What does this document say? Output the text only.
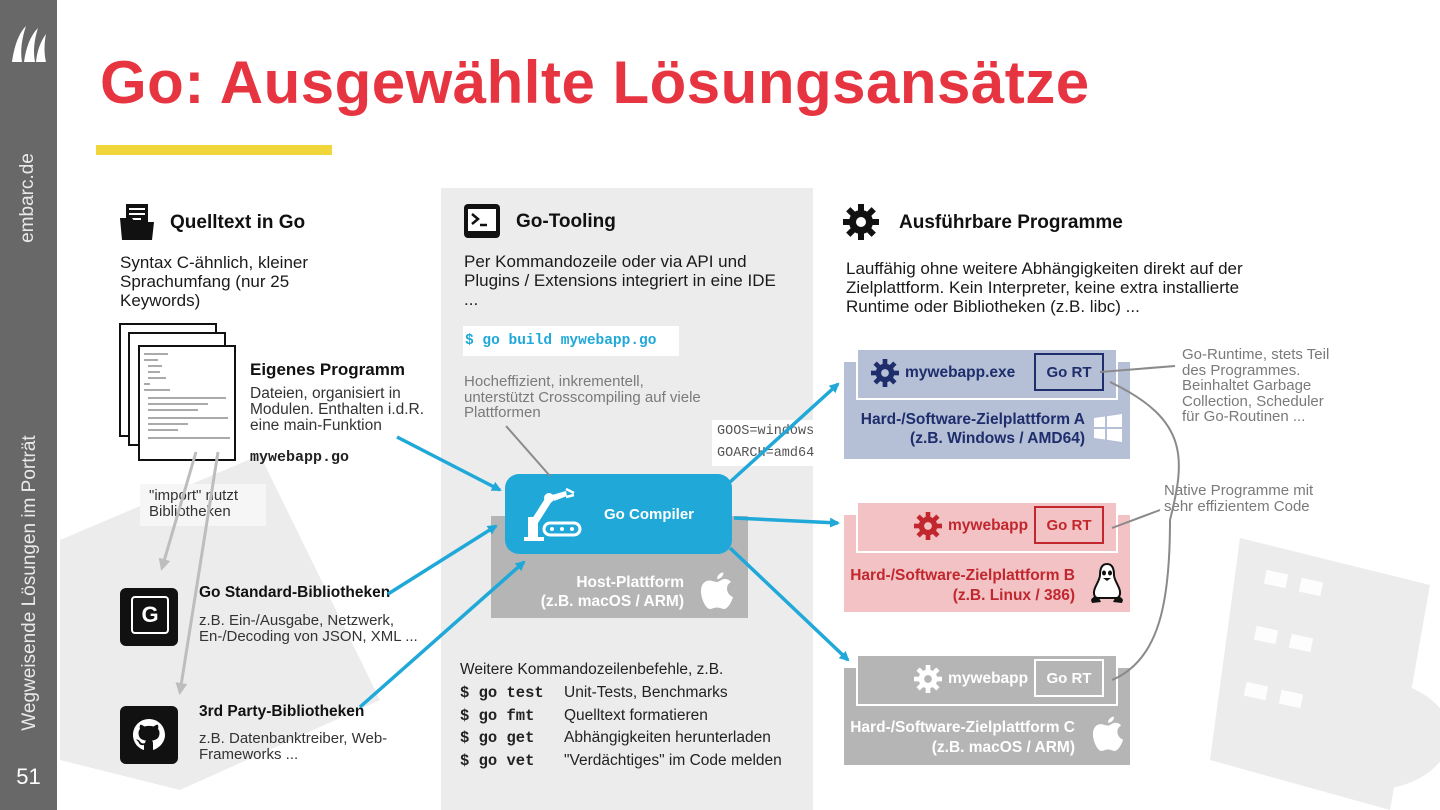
embarc.de
Wegweisende Lösungen im Porträt
51
Go: Ausgewählte Lösungsansätze
Quelltext in Go
Syntax C-ähnlich, kleiner Sprachumfang (nur 25 Keywords)
Eigenes Programm
Dateien, organisiert in Modulen. Enthalten i.d.R. eine main-Funktion
mywebapp.go
"import" nutzt Bibliotheken
G
Go Standard-Bibliotheken
z.B. Ein-/Ausgabe, Netzwerk, En-/Decoding von JSON, XML ...
3rd Party-Bibliotheken
z.B. Datenbanktreiber, Web-Frameworks ...
Go-Tooling
Per Kommandozeile oder via API und Plugins / Extensions integriert in eine IDE ...
$ go build mywebapp.go
Hocheffizient, inkrementell, unterstützt Crosscompiling auf viele Plattformen
GOOS=windows
GOARCH=amd64
Host-Plattform
(z.B. macOS / ARM)
Go Compiler
Weitere Kommandozeilenbefehle, z.B.
$ go test Unit-Tests, Benchmarks
$ go fmt Quelltext formatieren
$ go get Abhängigkeiten herunterladen
$ go vet "Verdächtiges" im Code melden
Ausführbare Programme
Lauffähig ohne weitere Abhängigkeiten direkt auf der Zielplattform. Kein Interpreter, keine extra installierte Runtime oder Bibliotheken (z.B. libc) ...
mywebapp.exe	Go RT
Hard-/Software-Zielplattform A
(z.B. Windows / AMD64)
mywebapp	Go RT
Hard-/Software-Zielplattform B
(z.B. Linux / 386)
mywebapp	Go RT
Hard-/Software-Zielplattform C
(z.B. macOS / ARM)
Go-Runtime, stets Teil des Programmes. Beinhaltet Garbage Collection, Scheduler für Go-Routinen ...
Native Programme mit sehr effizientem Code
